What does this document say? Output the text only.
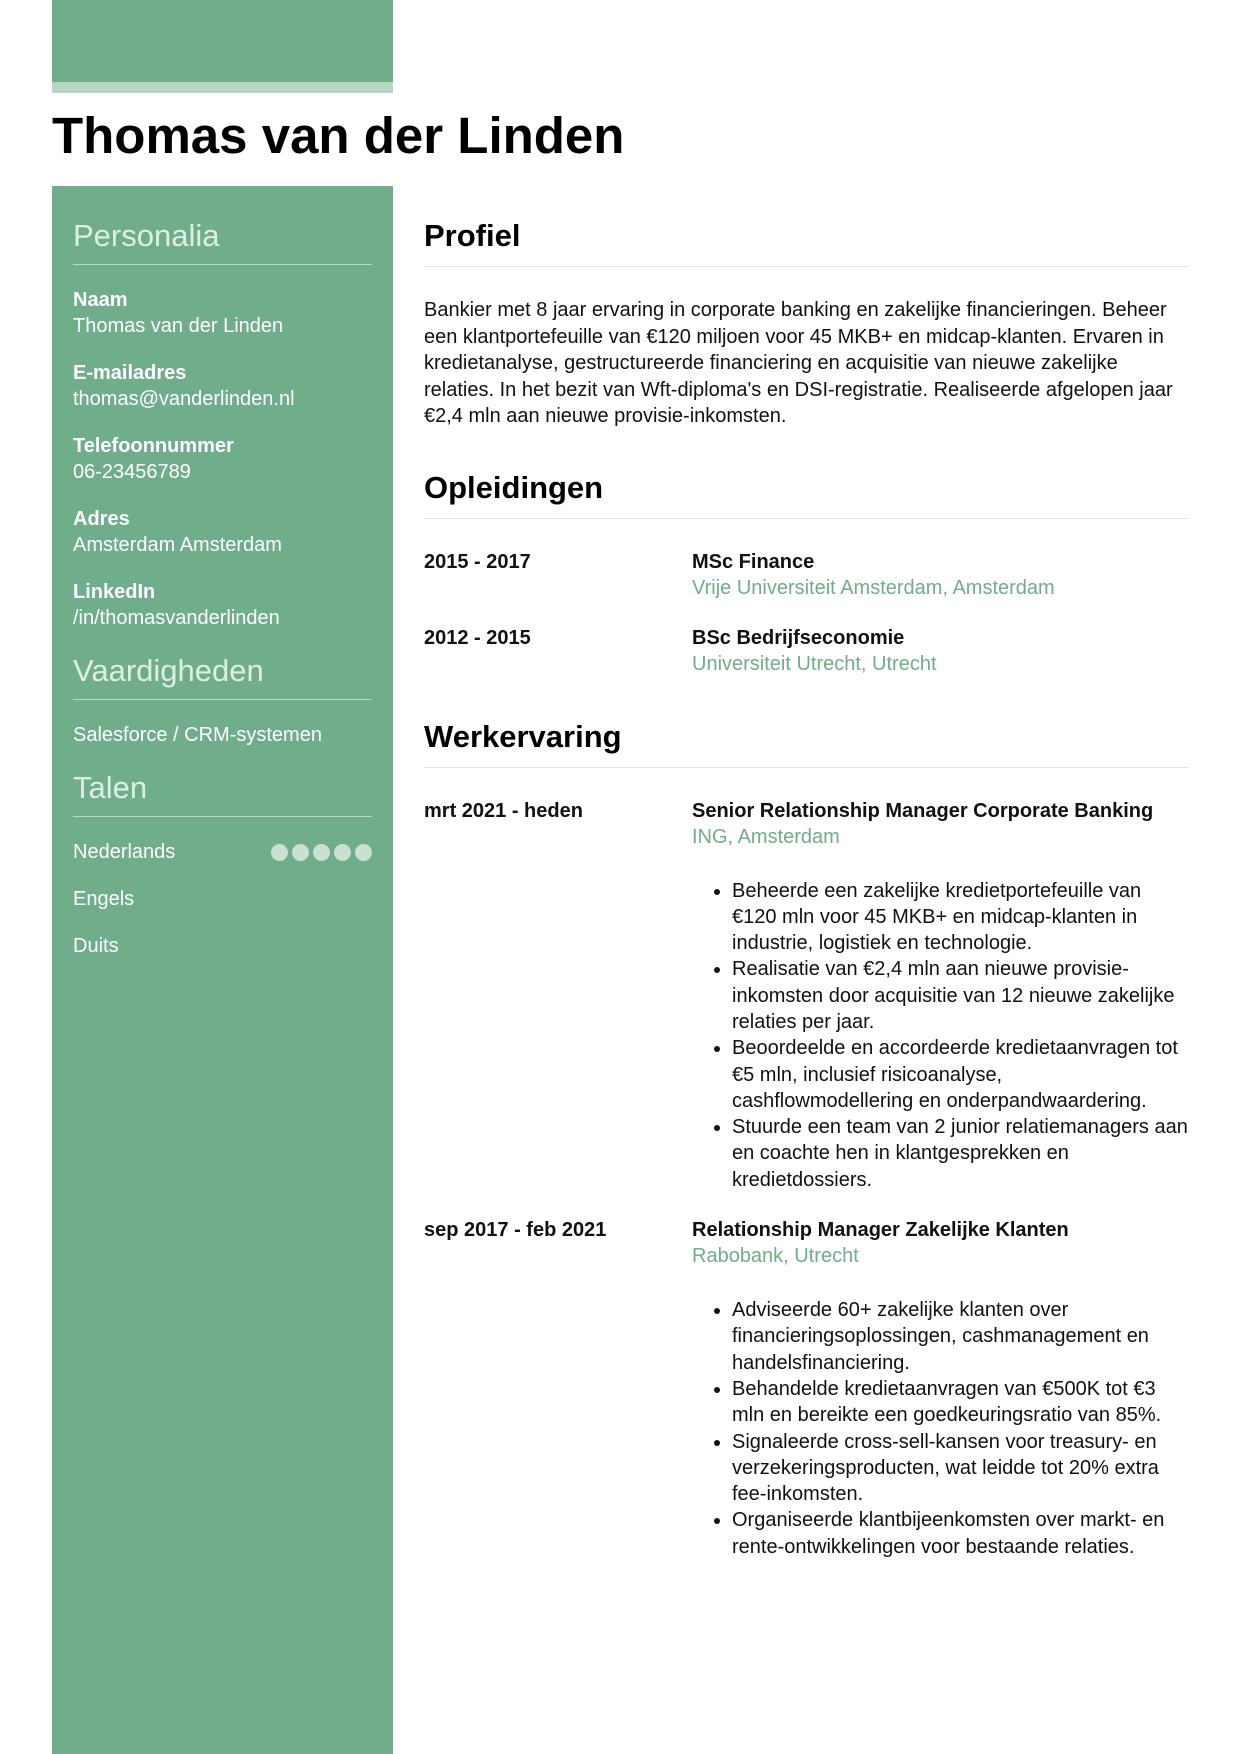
Thomas van der Linden
Personalia
Naam
Thomas van der Linden
E-mailadres
thomas@vanderlinden.nl
Telefoonnummer
06-23456789
Adres
Amsterdam Amsterdam
LinkedIn
/in/thomasvanderlinden
Vaardigheden
Salesforce / CRM-systemen
Talen
Nederlands
Engels
Duits
Profiel

Bankier met 8 jaar ervaring in corporate banking en zakelijke financieringen. Beheer een klantportefeuille van €120 miljoen voor 45 MKB+ en midcap-klanten. Ervaren in kredietanalyse, gestructureerde financiering en acquisitie van nieuwe zakelijke relaties. In het bezit van Wft-diploma's en DSI-registratie. Realiseerde afgelopen jaar €2,4 mln aan nieuwe provisie-inkomsten.

Opleidingen
2015 - 2017	MSc Finance
Vrije Universiteit Amsterdam, Amsterdam
2012 - 2015	BSc Bedrijfseconomie
Universiteit Utrecht, Utrecht
Werkervaring
mrt 2021 - heden	Senior Relationship Manager Corporate Banking
ING, Amsterdam
• Beheerde een zakelijke kredietportefeuille van €120 mln voor 45 MKB+ en midcap-klanten in industrie, logistiek en technologie.
• Realisatie van €2,4 mln aan nieuwe provisie-inkomsten door acquisitie van 12 nieuwe zakelijke relaties per jaar.
• Beoordeelde en accordeerde kredietaanvragen tot €5 mln, inclusief risicoanalyse, cashflowmodellering en onderpandwaardering.
• Stuurde een team van 2 junior relatiemanagers aan en coachte hen in klantgesprekken en kredietdossiers.
sep 2017 - feb 2021	Relationship Manager Zakelijke Klanten
Rabobank, Utrecht
• Adviseerde 60+ zakelijke klanten over financieringsoplossingen, cashmanagement en handelsfinanciering.
• Behandelde kredietaanvragen van €500K tot €3 mln en bereikte een goedkeuringsratio van 85%.
• Signaleerde cross-sell-kansen voor treasury- en verzekeringsproducten, wat leidde tot 20% extra fee-inkomsten.
• Organiseerde klantbijeenkomsten over markt- en rente-ontwikkelingen voor bestaande relaties.
